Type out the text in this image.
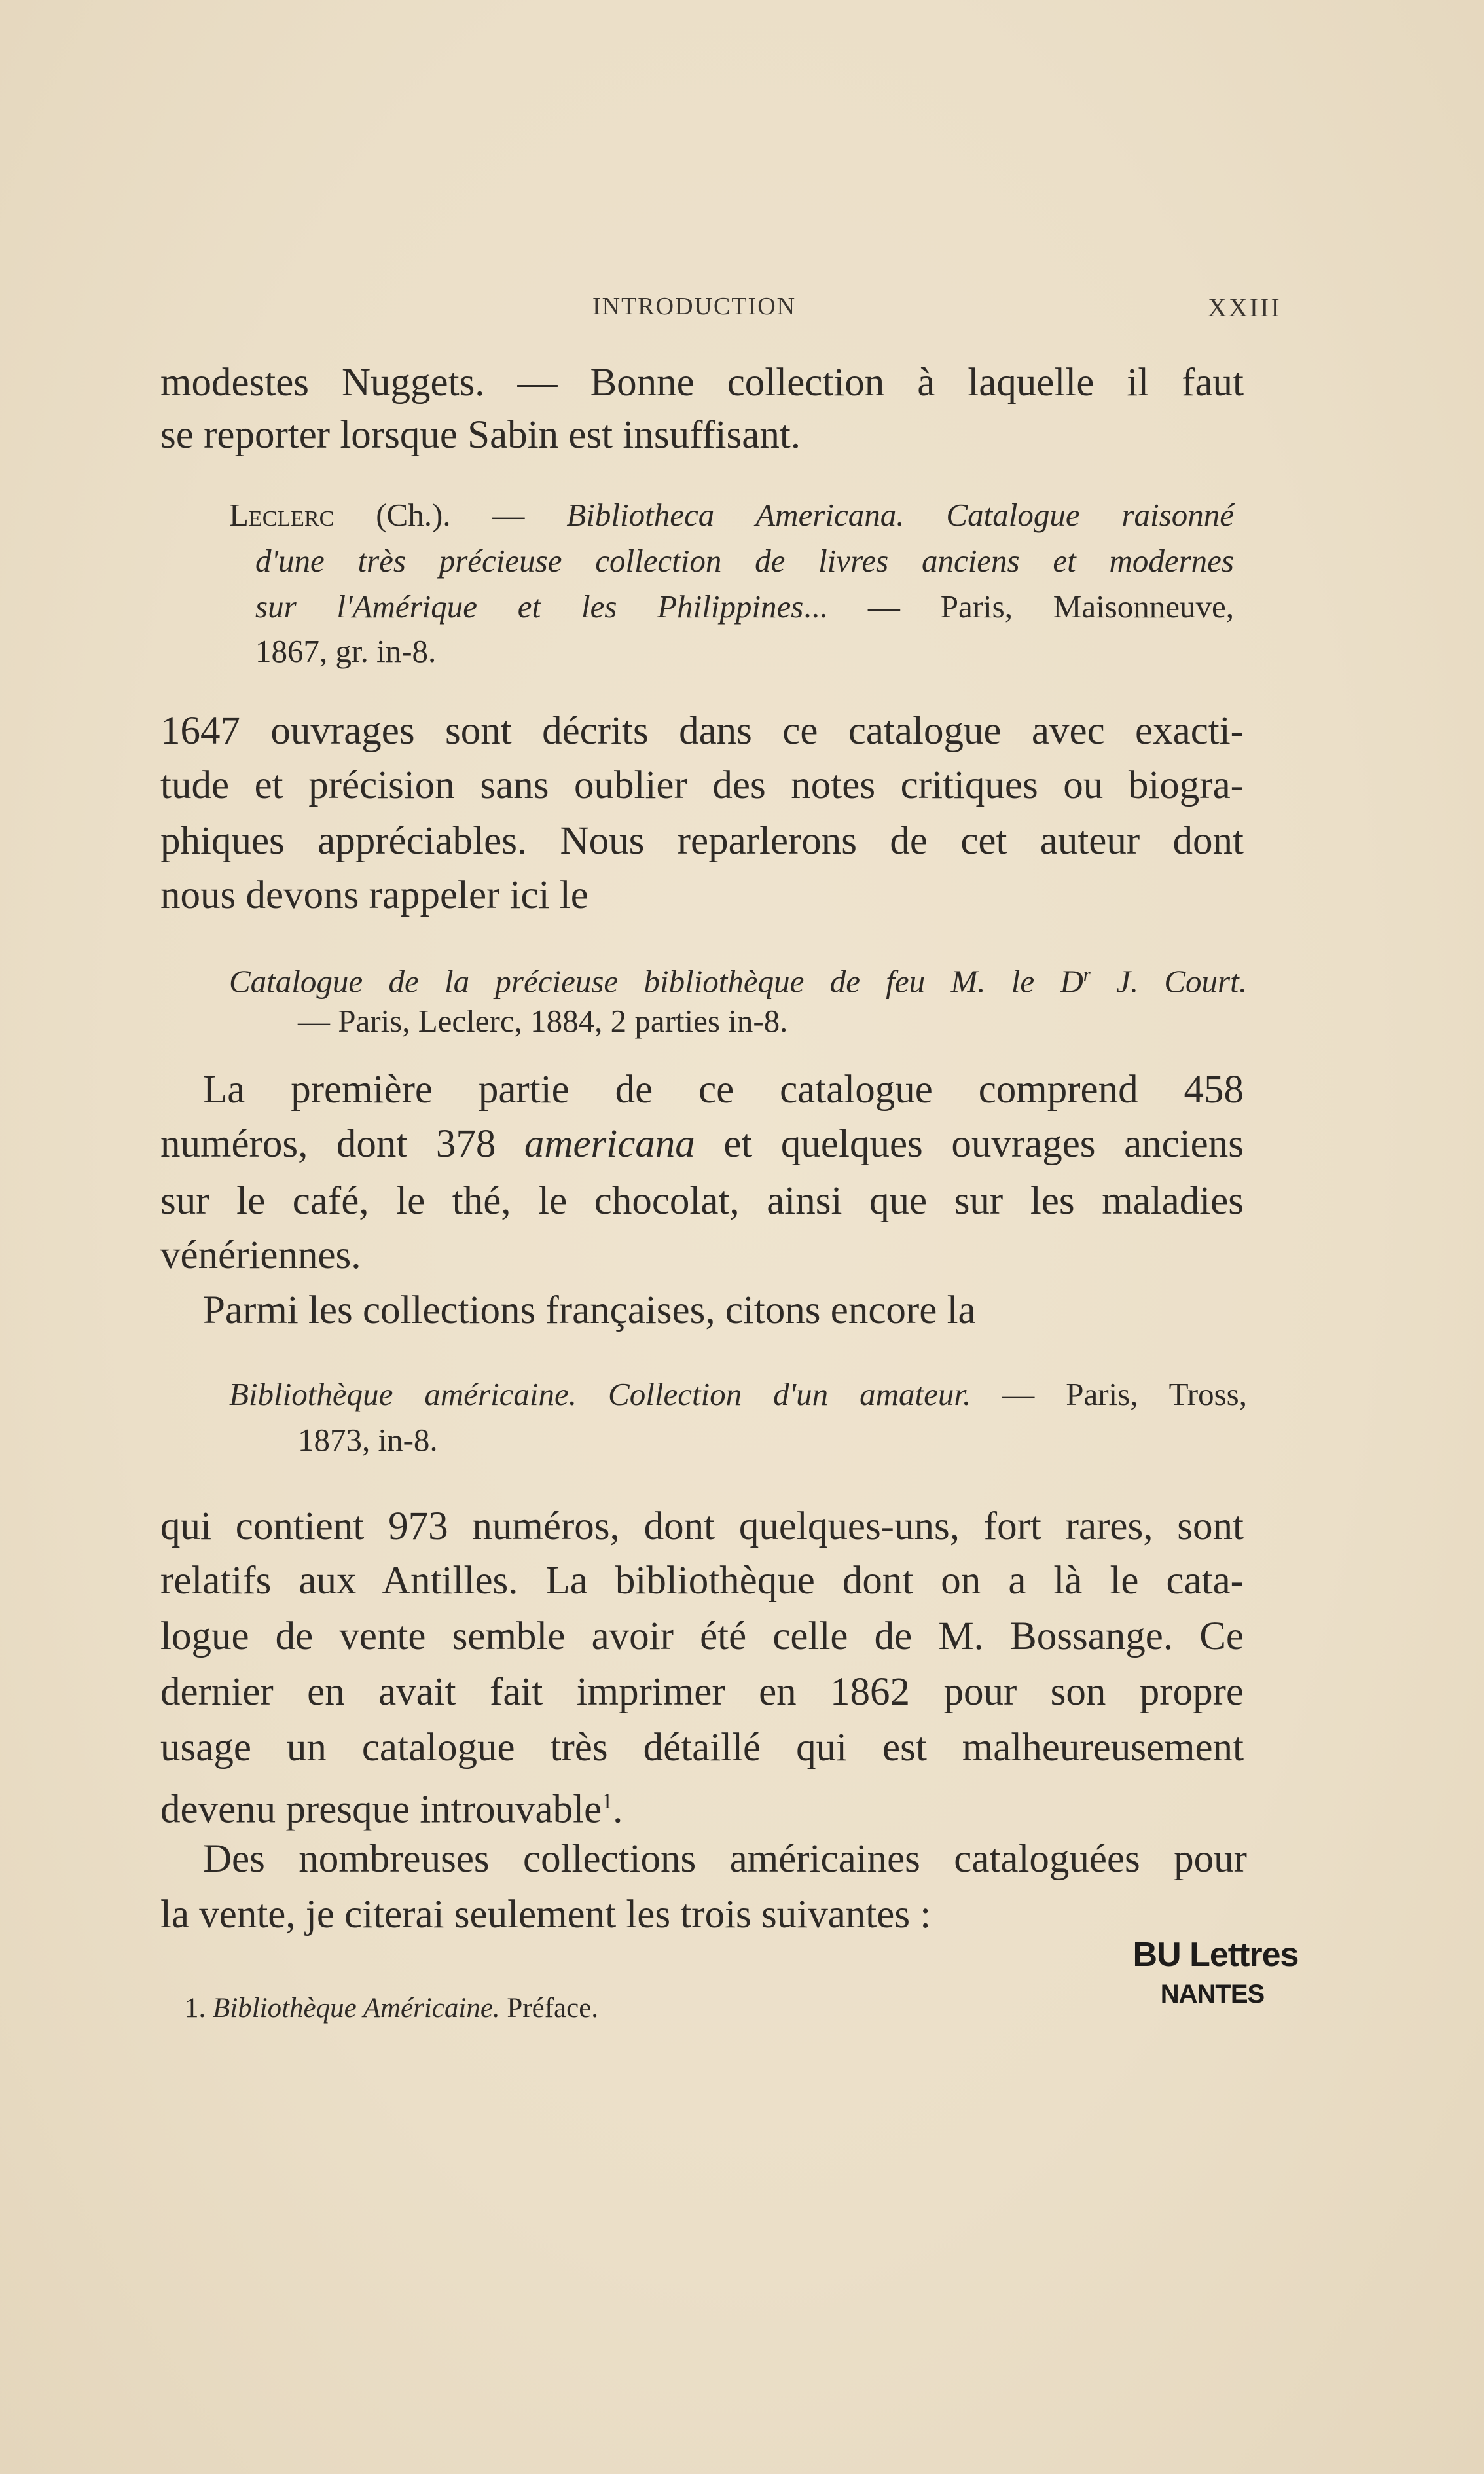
INTRODUCTION	XXIII
modestes Nuggets. — Bonne collection à laquelle il faut
se reporter lorsque Sabin est insuffisant.
Leclerc (Ch.). — Bibliotheca Americana. Catalogue raisonné
d'une très précieuse collection de livres anciens et modernes
sur l'Amérique et les Philippines... — Paris, Maisonneuve,
1867, gr. in-8.
1647 ouvrages sont décrits dans ce catalogue avec exacti-
tude et précision sans oublier des notes critiques ou biogra-
phiques appréciables. Nous reparlerons de cet auteur dont
nous devons rappeler ici le
Catalogue de la précieuse bibliothèque de feu M. le $D^r$ J. Court.
— Paris, Leclerc, 1884, 2 parties in-8.
La première partie de ce catalogue comprend 458
numéros, dont 378 americana et quelques ouvrages anciens
sur le café, le thé, le chocolat, ainsi que sur les maladies
vénériennes.
Parmi les collections françaises, citons encore la
Bibliothèque américaine. Collection d'un amateur. — Paris, Tross,
1873, in-8.
qui contient 973 numéros, dont quelques-uns, fort rares, sont
relatifs aux Antilles. La bibliothèque dont on a là le cata-
logue de vente semble avoir été celle de M. Bossange. Ce
dernier en avait fait imprimer en 1862 pour son propre
usage un catalogue très détaillé qui est malheureusement
devenu presque introuvable$^1$.
Des nombreuses collections américaines cataloguées pour
la vente, je citerai seulement les trois suivantes :
1. Bibliothèque Américaine. Préface.
BU Lettres
NANTES
